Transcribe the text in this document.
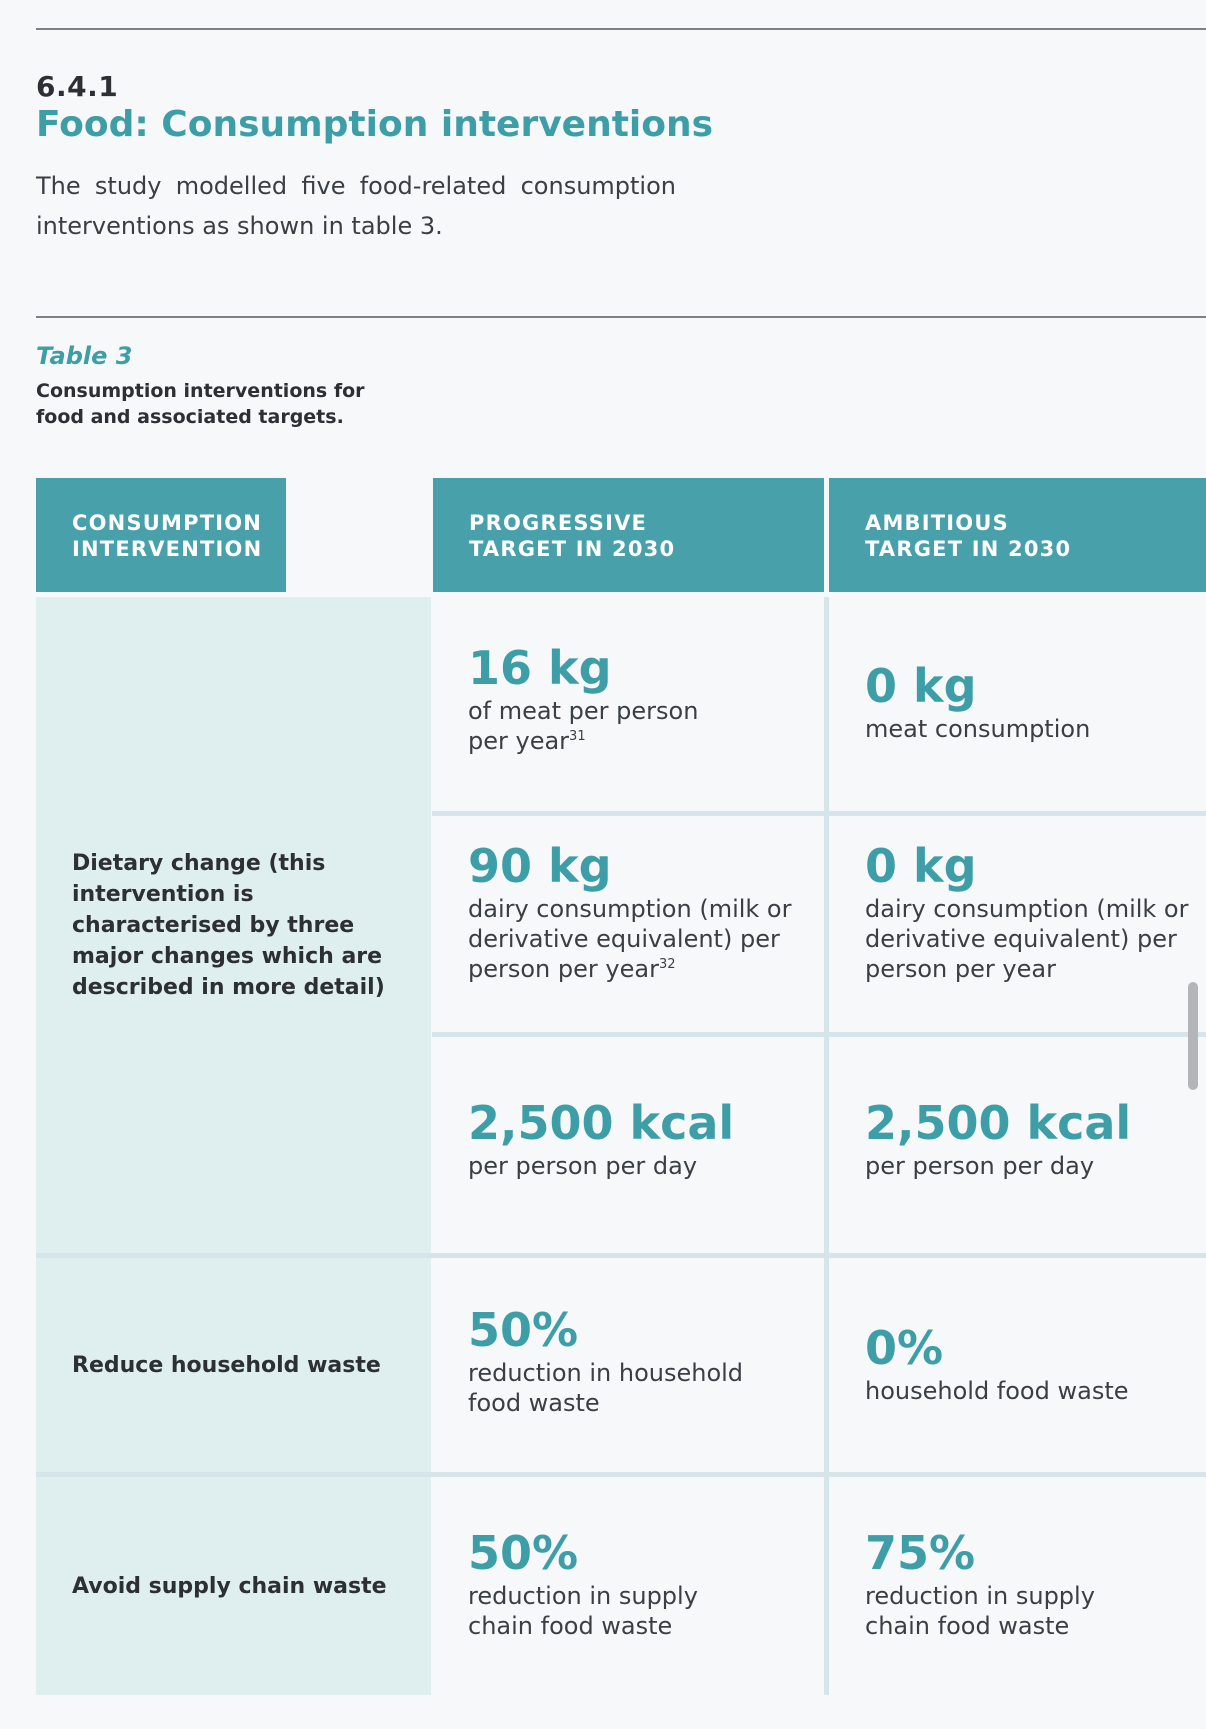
6.4.1
Food: Consumption interventions
The study modelled five food-related consumption interventions as shown in table 3.
Table 3
Consumption interventions for food and associated targets.
CONSUMPTION INTERVENTION
PROGRESSIVE TARGET IN 2030
AMBITIOUS TARGET IN 2030
Dietary change (this intervention is characterised by three major changes which are described in more detail)
Reduce household waste
Avoid supply chain waste
16 kg
of meat per person per year$^{31}$
0 kg
meat consumption
90 kg
dairy consumption (milk or derivative equivalent) per person per year$^{32}$
0 kg
dairy consumption (milk or derivative equivalent) per person per year
2,500 kcal
per person per day
2,500 kcal
per person per day
50%
reduction in household food waste
0%
household food waste
50%
reduction in supply chain food waste
75%
reduction in supply chain food waste
